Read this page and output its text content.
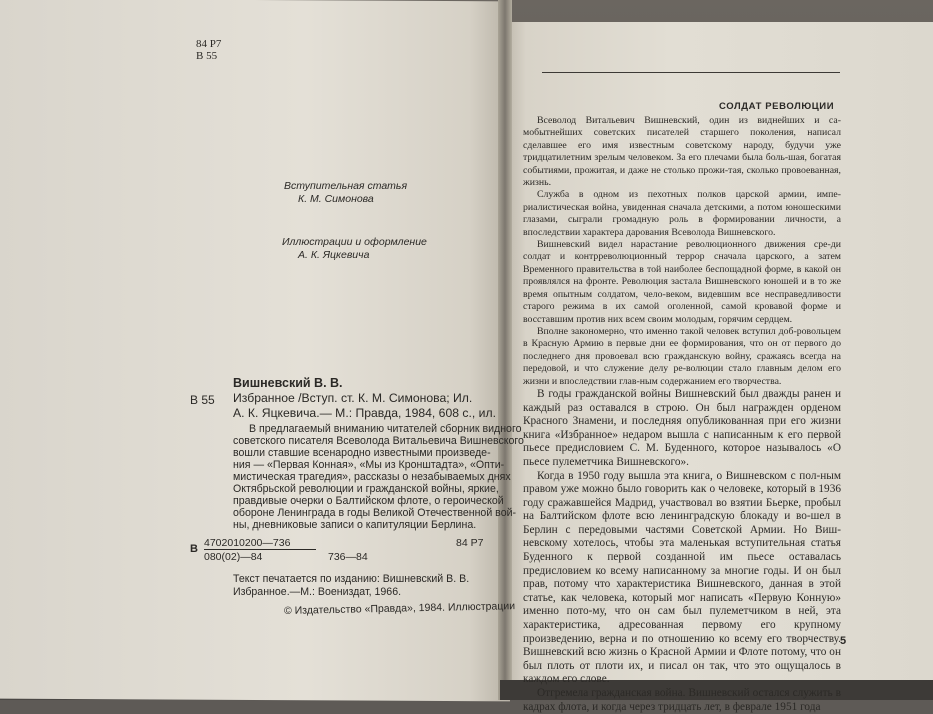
84 Р7
В 55
Вступительная статья
К. М. Симонова
Иллюстрации и оформление
А. К. Яцкевича
Вишневский В. В.
В 55 Избранное /Вступ. ст. К. М. Симонова; Ил.
А. К. Яцкевича.— М.: Правда, 1984, 608 с., ил.
В предлагаемый вниманию читателей сборник видного
советского писателя Всеволода Витальевича Вишневского
вошли ставшие всенародно известными произведе-
ния — «Первая Конная», «Мы из Кронштадта», «Опти-
мистическая трагедия», рассказы о незабываемых днях
Октябрьской революции и гражданской войны, яркие,
правдивые очерки о Балтийском флоте, о героической
обороне Ленинграда в годы Великой Отечественной вой-
ны, дневниковые записи о капитуляции Берлина.
В 4702010200—736
080(02)—84	736—84
84 Р7
Текст печатается по изданию: Вишневский В. В.
Избранное.—М.: Воениздат, 1966.
© Издательство «Правда», 1984. Иллюстрации
СОЛДАТ РЕВОЛЮЦИИ

Всеволод Витальевич Вишневский, один из виднейших и са-мобытнейших советских писателей старшего поколения, написал сделавшее его имя известным советскому народу, будучи уже тридцатилетним зрелым человеком. За его плечами была боль-шая, богатая событиями, прожитая, и даже не столько прожи-тая, сколько провоеванная, жизнь.

Служба в одном из пехотных полков царской армии, импе-риалистическая война, увиденная сначала детскими, а потом юношескими глазами, сыграли громадную роль в формировании личности, а впоследствии характера дарования Всеволода Вишневского.

Вишневский видел нарастание революционного движения сре-ди солдат и контрреволюционный террор сначала царского, а затем Временного правительства в той наиболее беспощадной форме, в какой он проявлялся на фронте. Революция застала Вишневского юношей и в то же время опытным солдатом, чело-веком, видевшим все несправедливости старого режима в их самой оголенной, самой кровавой форме и восставшим против них всем своим молодым, горячим сердцем.

Вполне закономерно, что именно такой человек вступил доб-ровольцем в Красную Армию в первые дни ее формирования, что он от первого до последнего дня провоевал всю гражданскую войну, сражаясь всегда на передовой, и что служение делу ре-волюции стало главным делом его жизни и впоследствии глав-ным содержанием его творчества.

В годы гражданской войны Вишневский был дважды ранен и каждый раз оставался в строю. Он был награжден орденом Красного Знамени, и последняя опубликованная при его жизни книга «Избранное» недаром вышла с написанным к его первой пьесе предисловием С. М. Буденного, которое называлось «О пьесе пулеметчика Вишневского».

Когда в 1950 году вышла эта книга, о Вишневском с пол-ным правом уже можно было говорить как о человеке, который в 1936 году сражавшейся Мадрид, участвовал во взятии Бьерке, пробыл на Балтийском флоте всю ленинградскую блокаду и во-шел в Берлин с передовыми частями Советской Армии. Но Виш-невскому хотелось, чтобы эта маленькая вступительная статья Буденного к первой созданной им пьесе оставалась предисловием ко всему написанному за многие годы. И он был прав, потому что характеристика Вишневского, данная в этой статье, как человека, который мог написать «Первую Конную» именно пото-му, что он сам был пулеметчиком в ней, эта характеристика, адресованная первому его крупному произведению, верна и по отношению ко всему его творчеству. Вишневский всю жизнь о Красной Армии и Флоте потому, что он был плоть от плоти их, и писал он так, что это ощущалось в каждом его слове.

Отгремела гражданская война. Вишневский остался служить в кадрах флота, и когда через тридцать лет, в феврале 1951 года

5
